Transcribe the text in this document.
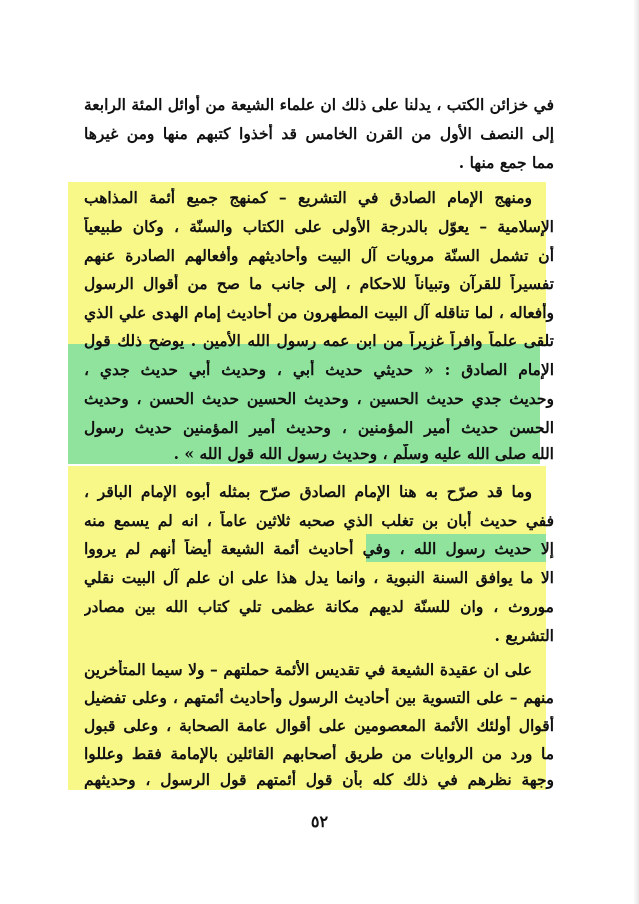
في خزائن الكتب ، يدلنا على ذلك ان علماء الشيعة من أوائل المئة الرابعة
إلى النصف الأول من القرن الخامس قد أخذوا كتبهم منها ومن غيرها
مما جمع منها .
ومنهج الإمام الصادق في التشريع – كمنهج جميع أئمة المذاهب
الإسلامية – يعوّل بالدرجة الأولى على الكتاب والسنّة ، وكان طبيعياً
أن تشمل السنّة مرويات آل البيت وأحاديثهم وأفعالهم الصادرة عنهم
تفسيراً للقرآن وتبياناً للاحكام ، إلى جانب ما صح من أقوال الرسول
وأفعاله ، لما تناقله آل البيت المطهرون من أحاديث إمام الهدى علي الذي
تلقى علماً وافراً غزيراً من ابن عمه رسول الله الأمين . يوضح ذلك قول
الإمام الصادق : « حديثي حديث أبي ، وحديث أبي حديث جدي ،
وحديث جدي حديث الحسين ، وحديث الحسين حديث الحسن ، وحديث
الحسن حديث أمير المؤمنين ، وحديث أمير المؤمنين حديث رسول
الله صلى الله عليه وسلّم ، وحديث رسول الله قول الله » .
وما قد صرّح به هنا الإمام الصادق صرّح بمثله أبوه الإمام الباقر ،
ففي حديث أبان بن تغلب الذي صحبه ثلاثين عاماً ، انه لم يسمع منه
إلا حديث رسول الله ، وفي أحاديث أئمة الشيعة أيضاً أنهم لم يرووا
الا ما يوافق السنة النبوية ، وانما يدل هذا على ان علم آل البيت نقلي
موروث ، وان للسنّة لديهم مكانة عظمى تلي كتاب الله بين مصادر
التشريع .
على ان عقيدة الشيعة في تقديس الأئمة حملتهم – ولا سيما المتأخرين
منهم – على التسوية بين أحاديث الرسول وأحاديث أئمتهم ، وعلى تفضيل
أقوال أولئك الأئمة المعصومين على أقوال عامة الصحابة ، وعلى قبول
ما ورد من الروايات من طريق أصحابهم القائلين بالإمامة فقط وعللوا
وجهة نظرهم في ذلك كله بأن قول أئمتهم قول الرسول ، وحديثهم
٥٢
